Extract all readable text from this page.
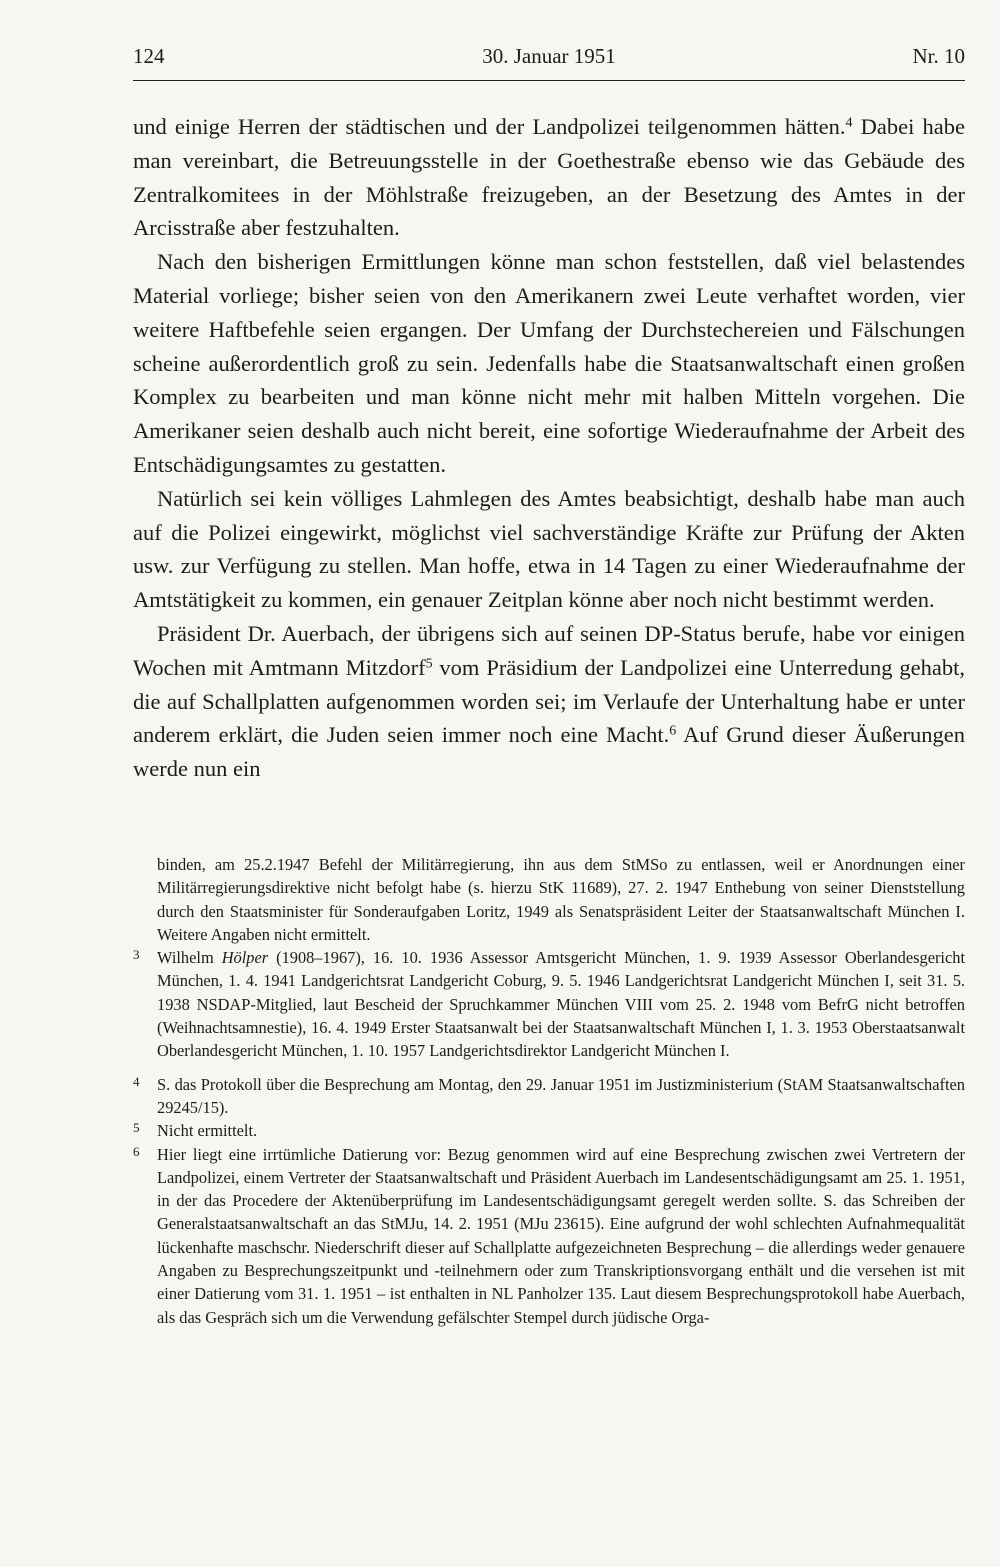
124	30. Januar 1951	Nr. 10

und einige Herren der städtischen und der Landpolizei teilgenommen hätten.$^4$ Dabei habe man vereinbart, die Betreuungsstelle in der Goethestraße ebenso wie das Gebäude des Zentralkomitees in der Möhlstraße freizugeben, an der Besetzung des Amtes in der Arcisstraße aber festzuhalten.

Nach den bisherigen Ermittlungen könne man schon feststellen, daß viel belastendes Material vorliege; bisher seien von den Amerikanern zwei Leute verhaftet worden, vier weitere Haftbefehle seien ergangen. Der Umfang der Durchstechereien und Fälschungen scheine außerordentlich groß zu sein. Jedenfalls habe die Staatsanwaltschaft einen großen Komplex zu bearbeiten und man könne nicht mehr mit halben Mitteln vorgehen. Die Amerikaner seien deshalb auch nicht bereit, eine sofortige Wiederaufnahme der Arbeit des Entschädigungsamtes zu gestatten.

Natürlich sei kein völliges Lahmlegen des Amtes beabsichtigt, deshalb habe man auch auf die Polizei eingewirkt, möglichst viel sachverständige Kräfte zur Prüfung der Akten usw. zur Verfügung zu stellen. Man hoffe, etwa in 14 Tagen zu einer Wiederaufnahme der Amtstätigkeit zu kommen, ein genauer Zeitplan könne aber noch nicht bestimmt werden.

Präsident Dr. Auerbach, der übrigens sich auf seinen DP-Status berufe, habe vor einigen Wochen mit Amtmann Mitzdorf$^5$ vom Präsidium der Landpolizei eine Unterredung gehabt, die auf Schallplatten aufgenommen worden sei; im Verlaufe der Unterhaltung habe er unter anderem erklärt, die Juden seien immer noch eine Macht.$^6$ Auf Grund dieser Äußerungen werde nun ein

binden, am 25.2.1947 Befehl der Militärregierung, ihn aus dem StMSo zu entlassen, weil er Anordnungen einer Militärregierungsdirektive nicht befolgt habe (s. hierzu StK 11689), 27. 2. 1947 Enthebung von seiner Dienststellung durch den Staatsminister für Sonderaufgaben Loritz, 1949 als Senatspräsident Leiter der Staatsanwaltschaft München I. Weitere Angaben nicht ermittelt.
3 Wilhelm Hölper (1908–1967), 16. 10. 1936 Assessor Amtsgericht München, 1. 9. 1939 Assessor Oberlandesgericht München, 1. 4. 1941 Landgerichtsrat Landgericht Coburg, 9. 5. 1946 Landgerichtsrat Landgericht München I, seit 31. 5. 1938 NSDAP-Mitglied, laut Bescheid der Spruchkammer München VIII vom 25. 2. 1948 vom BefrG nicht betroffen (Weihnachtsamnestie), 16. 4. 1949 Erster Staatsanwalt bei der Staatsanwaltschaft München I, 1. 3. 1953 Oberstaatsanwalt Oberlandesgericht München, 1. 10. 1957 Landgerichtsdirektor Landgericht München I.
4 S. das Protokoll über die Besprechung am Montag, den 29. Januar 1951 im Justizministerium (StAM Staatsanwaltschaften 29245/15).
5 Nicht ermittelt.
6 Hier liegt eine irrtümliche Datierung vor: Bezug genommen wird auf eine Besprechung zwischen zwei Vertretern der Landpolizei, einem Vertreter der Staatsanwaltschaft und Präsident Auerbach im Landesentschädigungsamt am 25. 1. 1951, in der das Procedere der Aktenüberprüfung im Landesentschädigungsamt geregelt werden sollte. S. das Schreiben der Generalstaatsanwaltschaft an das StMJu, 14. 2. 1951 (MJu 23615). Eine aufgrund der wohl schlechten Aufnahmequalität lückenhafte maschschr. Niederschrift dieser auf Schallplatte aufgezeichneten Besprechung – die allerdings weder genauere Angaben zu Besprechungszeitpunkt und -teilnehmern oder zum Transkriptionsvorgang enthält und die versehen ist mit einer Datierung vom 31. 1. 1951 – ist enthalten in NL Panholzer 135. Laut diesem Besprechungsprotokoll habe Auerbach, als das Gespräch sich um die Verwendung gefälschter Stempel durch jüdische Orga-
